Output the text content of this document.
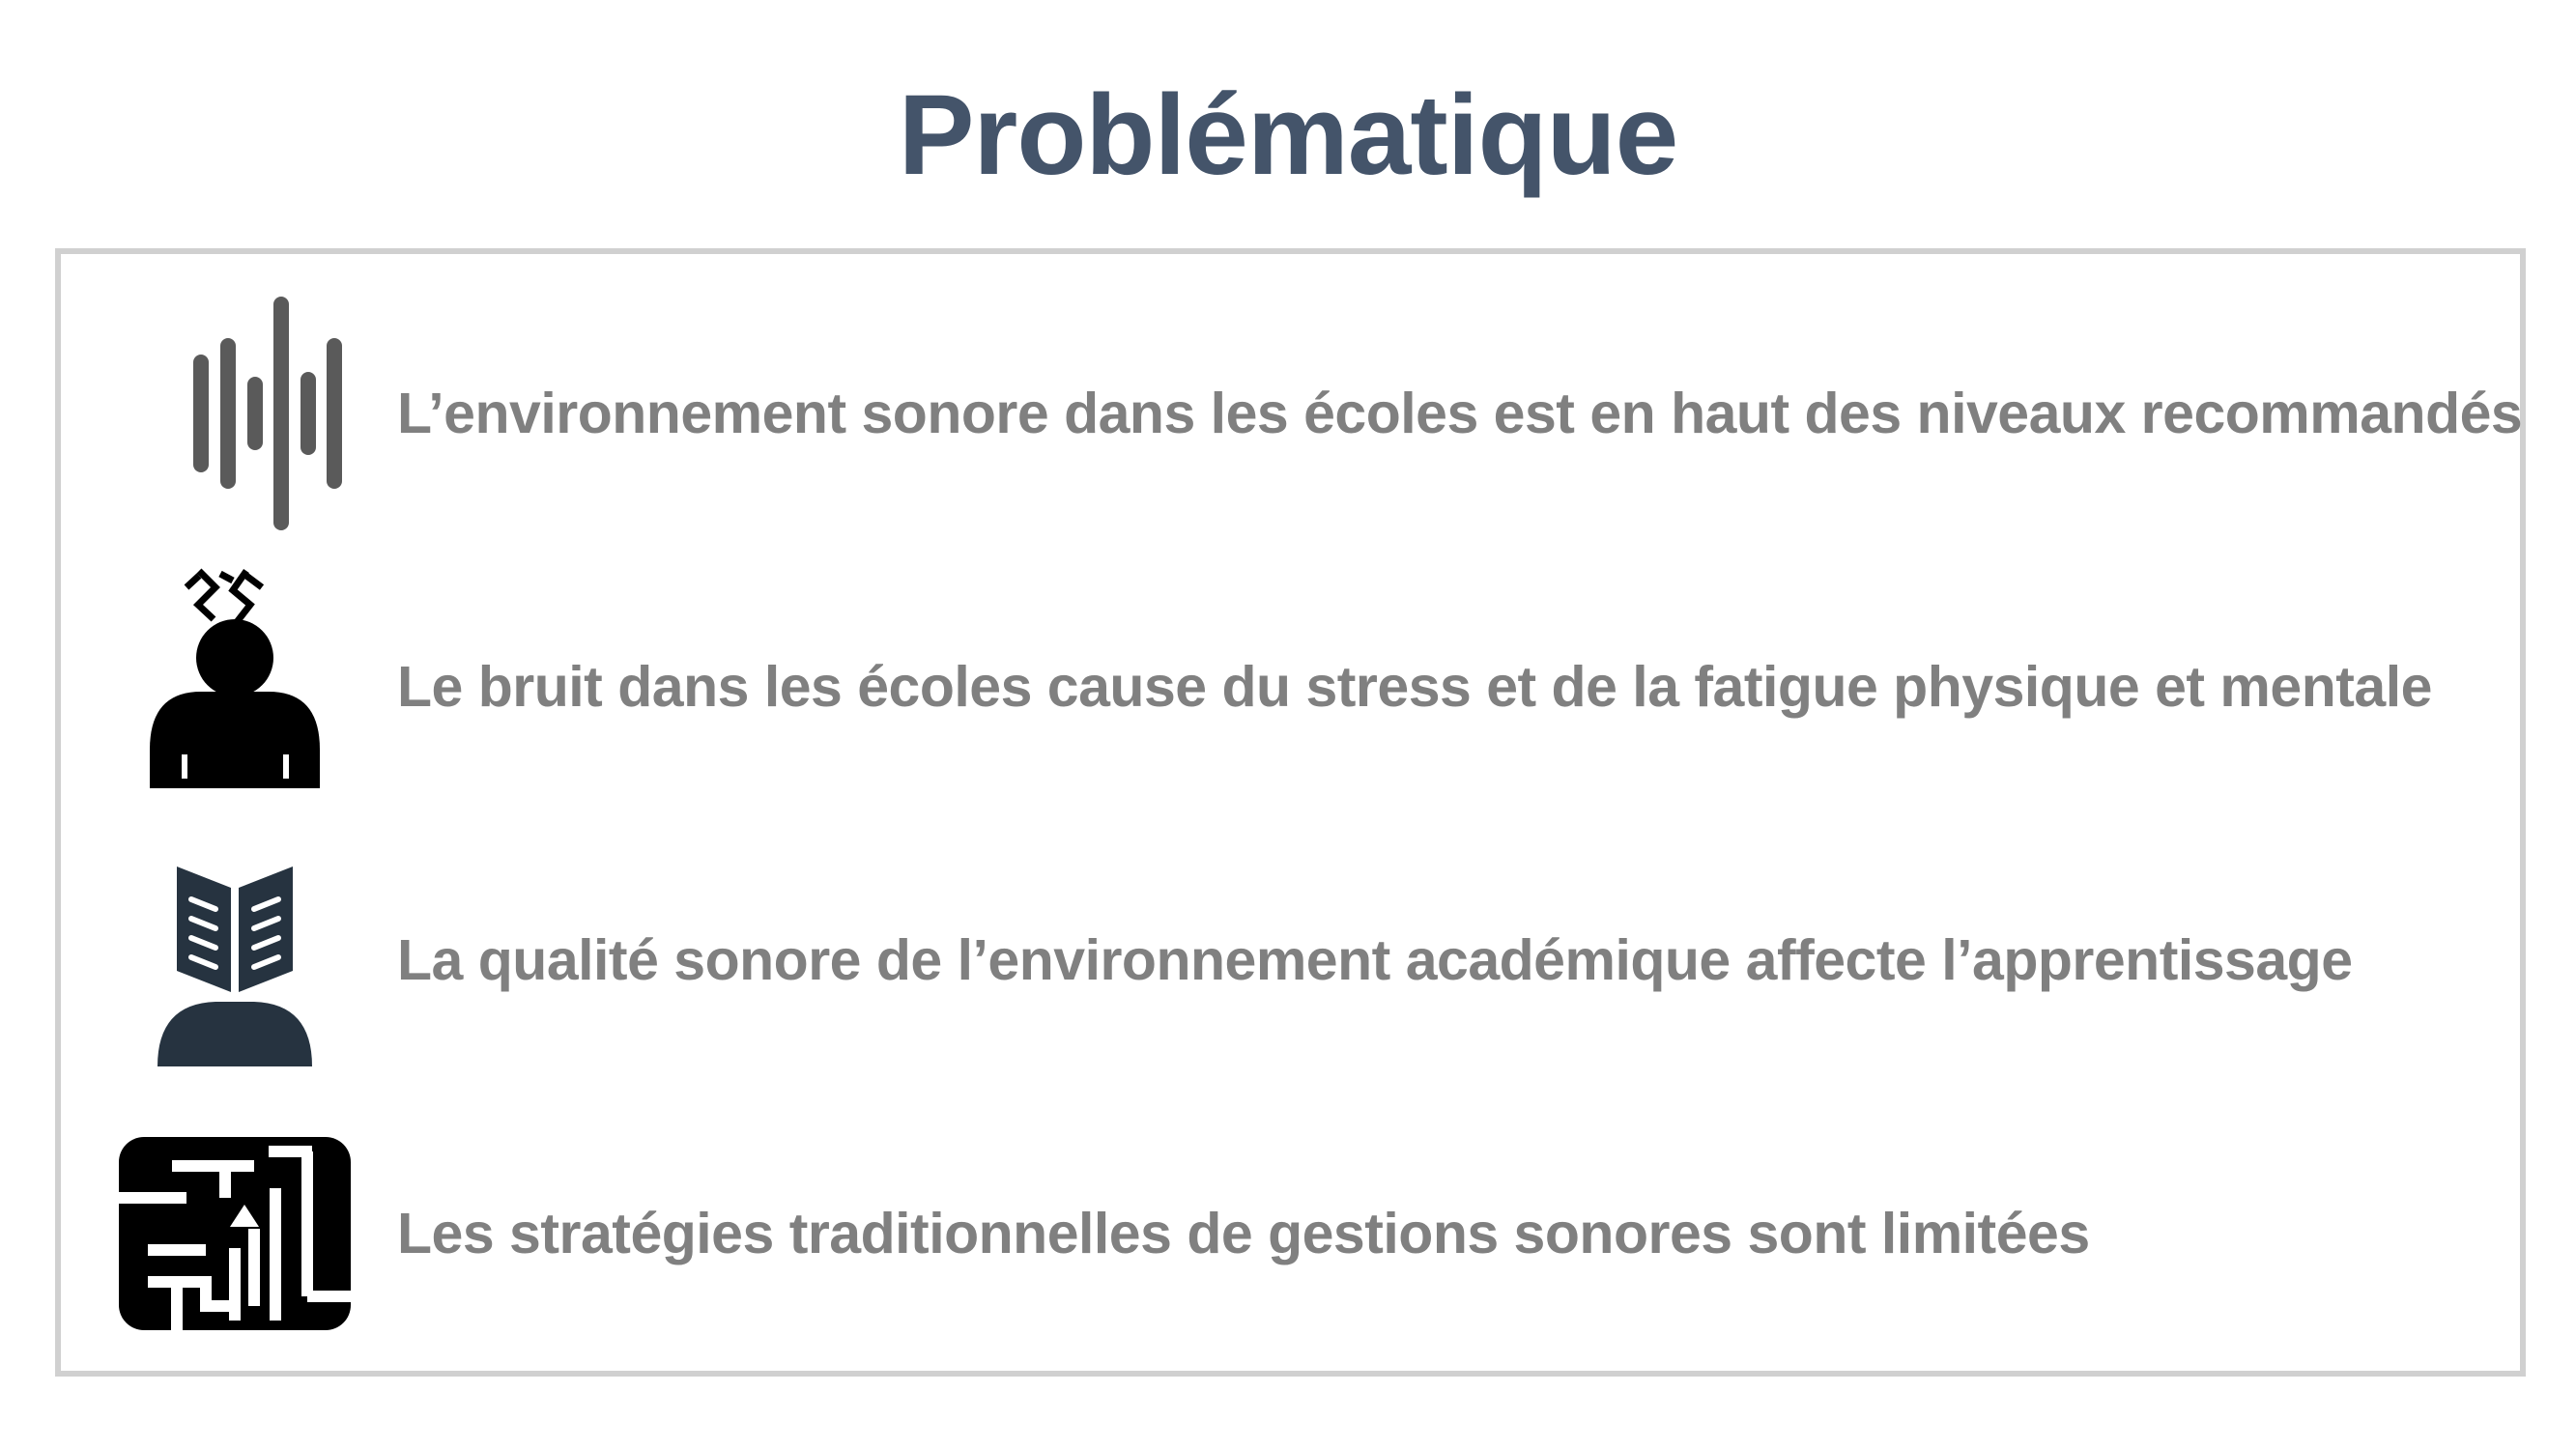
Problématique
L’environnement sonore dans les écoles est en haut des niveaux recommandés
Le bruit dans les écoles cause du stress et de la fatigue physique et mentale
La qualité sonore de l’environnement académique affecte l’apprentissage
Les stratégies traditionnelles de gestions sonores sont limitées
